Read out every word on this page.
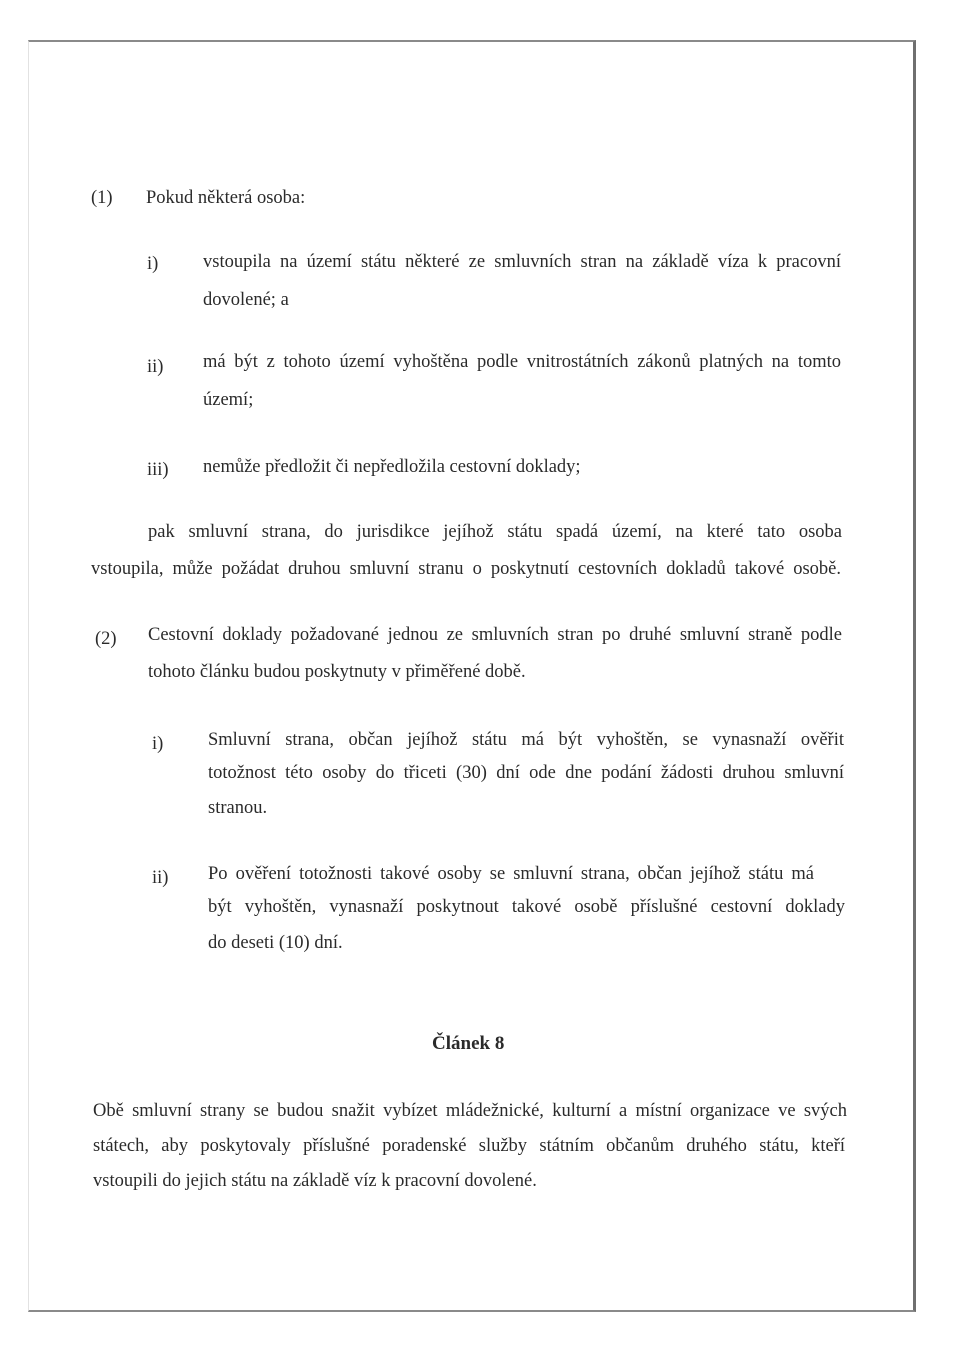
(1) Pokud některá osoba:
i) vstoupila na území státu některé ze smluvních stran na základě víza k pracovní
dovolené; a
ii) má být z tohoto území vyhoštěna podle vnitrostátních zákonů platných na tomto
území;
iii) nemůže předložit či nepředložila cestovní doklady;
pak smluvní strana, do jurisdikce jejíhož státu spadá území, na které tato osoba
vstoupila, může požádat druhou smluvní stranu o poskytnutí cestovních dokladů takové osobě.
(2) Cestovní doklady požadované jednou ze smluvních stran po druhé smluvní straně podle
tohoto článku budou poskytnuty v přiměřené době.
i) Smluvní strana, občan jejíhož státu má být vyhoštěn, se vynasnaží ověřit
totožnost této osoby do třiceti (30) dní ode dne podání žádosti druhou smluvní
stranou.
ii) Po ověření totožnosti takové osoby se smluvní strana, občan jejíhož státu má
být vyhoštěn, vynasnaží poskytnout takové osobě příslušné cestovní doklady
do deseti (10) dní.
Článek 8
Obě smluvní strany se budou snažit vybízet mládežnické, kulturní a místní organizace ve svých
státech, aby poskytovaly příslušné poradenské služby státním občanům druhého státu, kteří
vstoupili do jejich státu na základě víz k pracovní dovolené.
